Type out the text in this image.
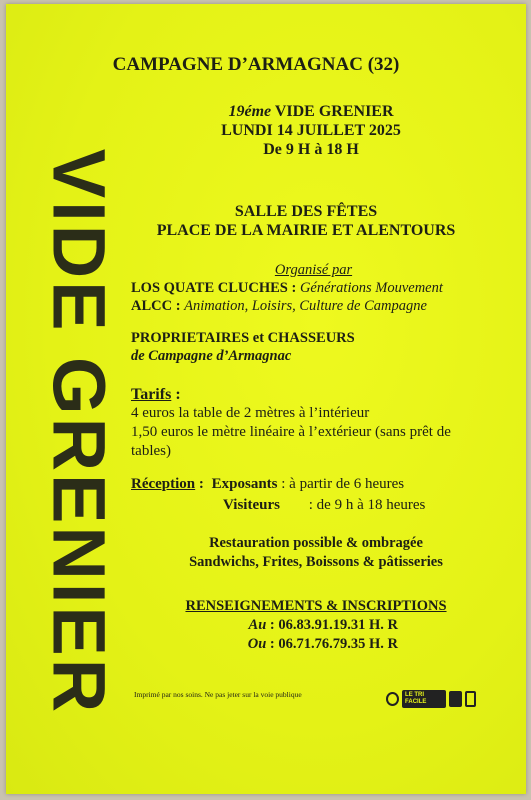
VIDE GRENIER
CAMPAGNE D’ARMAGNAC (32)
19éme VIDE GRENIER
LUNDI 14 JUILLET 2025
De 9 H à 18 H
SALLE DES FÊTES
PLACE DE LA MAIRIE ET ALENTOURS
Organisé par
LOS QUATE CLUCHES : Générations Mouvement
ALCC : Animation, Loisirs, Culture de Campagne
PROPRIETAIRES et CHASSEURS
de Campagne d’Armagnac
Tarifs :
4 euros la table de 2 mètres à l’intérieur
1,50 euros le mètre linéaire à l’extérieur (sans prêt de tables)
Réception : Exposants : à partir de 6 heures
Visiteurs : de 9 h à 18 heures
Restauration possible & ombragée
Sandwichs, Frites, Boissons & pâtisseries
RENSEIGNEMENTS & INSCRIPTIONS
Au : 06.83.91.19.31 H. R
Ou : 06.71.76.79.35 H. R
Imprimé par nos soins. Ne pas jeter sur la voie publique	LE TRI FACILE
